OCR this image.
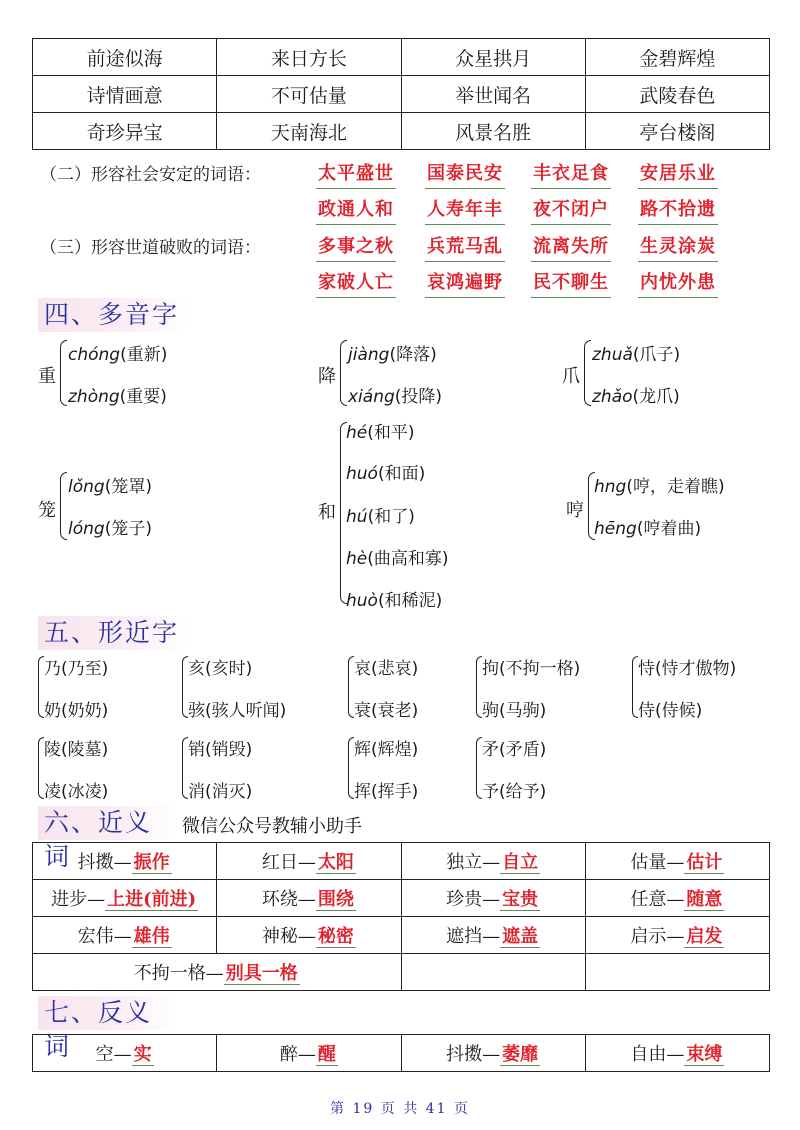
前途似海	来日方长	众星拱月	金碧辉煌
诗情画意	不可估量	举世闻名	武陵春色
奇珍异宝	天南海北	风景名胜	亭台楼阁
（二）形容社会安定的词语：	太平盛世 国泰民安 丰衣足食 安居乐业
政通人和 人寿年丰 夜不闭户 路不拾遗
（三）形容世道破败的词语：	多事之秋 兵荒马乱 流离失所 生灵涂炭
家破人亡 哀鸿遍野 民不聊生 内忧外患
四、多音字
重
chóng(重新)
zhòng(重要)
降
jiàng(降落)
xiáng(投降)
爪
zhuǎ(爪子)
zhǎo(龙爪)
笼
lǒng(笼罩)
lóng(笼子)
和
hé(和平)
huó(和面)
hú(和了)
hè(曲高和寡)
huò(和稀泥)
哼
hng(哼，走着瞧)
hēng(哼着曲)
五、形近字
乃(乃至)
奶(奶奶)
亥(亥时)
骇(骇人听闻)
哀(悲哀)
衰(衰老)
拘(不拘一格)
驹(马驹)
恃(恃才傲物)
侍(侍候)
陵(陵墓)
凌(冰凌)
销(销毁)
消(消灭)
辉(辉煌)
挥(挥手)
矛(矛盾)
予(给予)
六、近义词
微信公众号教辅小助手
抖擞— 振作	红日— 太阳	独立— 自立	估量— 估计
进步— 上进(前进)	环绕— 围绕	珍贵— 宝贵	任意— 随意
宏伟— 雄伟	神秘— 秘密	遮挡— 遮盖	启示— 启发
不拘一格— 别具一格			
七、反义词	空— 实	醉— 醒	抖擞— 萎靡	自由— 束缚
第 19 页 共 41 页
